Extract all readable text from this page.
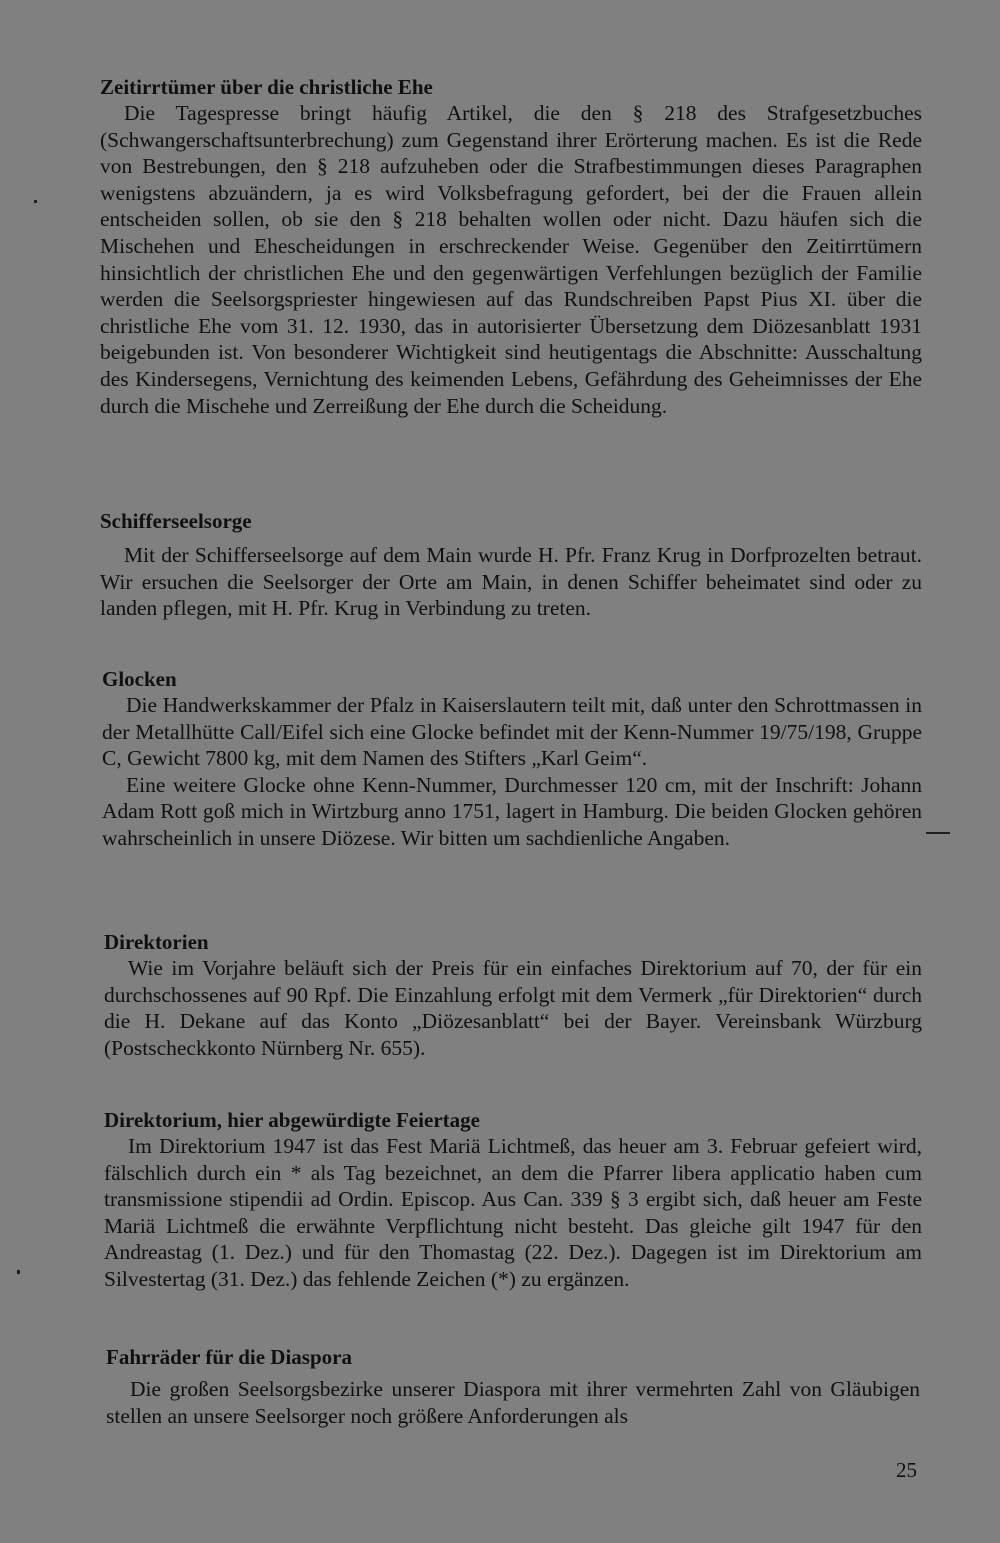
Zeitirrtümer über die christliche Ehe

Die Tagespresse bringt häufig Artikel, die den § 218 des Strafgesetzbuches (Schwangerschaftsunterbrechung) zum Gegenstand ihrer Erörterung machen. Es ist die Rede von Bestrebungen, den § 218 aufzuheben oder die Strafbestimmungen dieses Paragraphen wenigstens abzuändern, ja es wird Volksbefragung gefordert, bei der die Frauen allein entscheiden sollen, ob sie den § 218 behalten wollen oder nicht. Dazu häufen sich die Mischehen und Ehescheidungen in erschreckender Weise. Gegenüber den Zeitirrtümern hinsichtlich der christlichen Ehe und den gegenwärtigen Verfehlungen bezüglich der Familie werden die Seelsorgspriester hingewiesen auf das Rundschreiben Papst Pius XI. über die christliche Ehe vom 31. 12. 1930, das in autorisierter Übersetzung dem Diözesanblatt 1931 beigebunden ist. Von besonderer Wichtigkeit sind heutigentags die Abschnitte: Ausschaltung des Kindersegens, Vernichtung des keimenden Lebens, Gefährdung des Geheimnisses der Ehe durch die Mischehe und Zerreißung der Ehe durch die Scheidung.

Schifferseelsorge

Mit der Schifferseelsorge auf dem Main wurde H. Pfr. Franz Krug in Dorfprozelten betraut. Wir ersuchen die Seelsorger der Orte am Main, in denen Schiffer beheimatet sind oder zu landen pflegen, mit H. Pfr. Krug in Verbindung zu treten.

Glocken

Die Handwerkskammer der Pfalz in Kaiserslautern teilt mit, daß unter den Schrottmassen in der Metallhütte Call/Eifel sich eine Glocke befindet mit der Kenn-Nummer 19/75/198, Gruppe C, Gewicht 7800 kg, mit dem Namen des Stifters „Karl Geim“.

Eine weitere Glocke ohne Kenn-Nummer, Durchmesser 120 cm, mit der Inschrift: Johann Adam Rott goß mich in Wirtzburg anno 1751, lagert in Hamburg. Die beiden Glocken gehören wahrscheinlich in unsere Diözese. Wir bitten um sachdienliche Angaben.

Direktorien

Wie im Vorjahre beläuft sich der Preis für ein einfaches Direktorium auf 70, der für ein durchschossenes auf 90 Rpf. Die Einzahlung erfolgt mit dem Vermerk „für Direktorien“ durch die H. Dekane auf das Konto „Diözesanblatt“ bei der Bayer. Vereinsbank Würzburg (Postscheckkonto Nürnberg Nr. 655).

Direktorium, hier abgewürdigte Feiertage

Im Direktorium 1947 ist das Fest Mariä Lichtmeß, das heuer am 3. Februar gefeiert wird, fälschlich durch ein * als Tag bezeichnet, an dem die Pfarrer libera applicatio haben cum transmissione stipendii ad Ordin. Episcop. Aus Can. 339 § 3 ergibt sich, daß heuer am Feste Mariä Lichtmeß die erwähnte Verpflichtung nicht besteht. Das gleiche gilt 1947 für den Andreastag (1. Dez.) und für den Thomastag (22. Dez.). Dagegen ist im Direktorium am Silvestertag (31. Dez.) das fehlende Zeichen (*) zu ergänzen.

Fahrräder für die Diaspora

Die großen Seelsorgsbezirke unserer Diaspora mit ihrer vermehrten Zahl von Gläubigen stellen an unsere Seelsorger noch größere Anforderungen als

25
